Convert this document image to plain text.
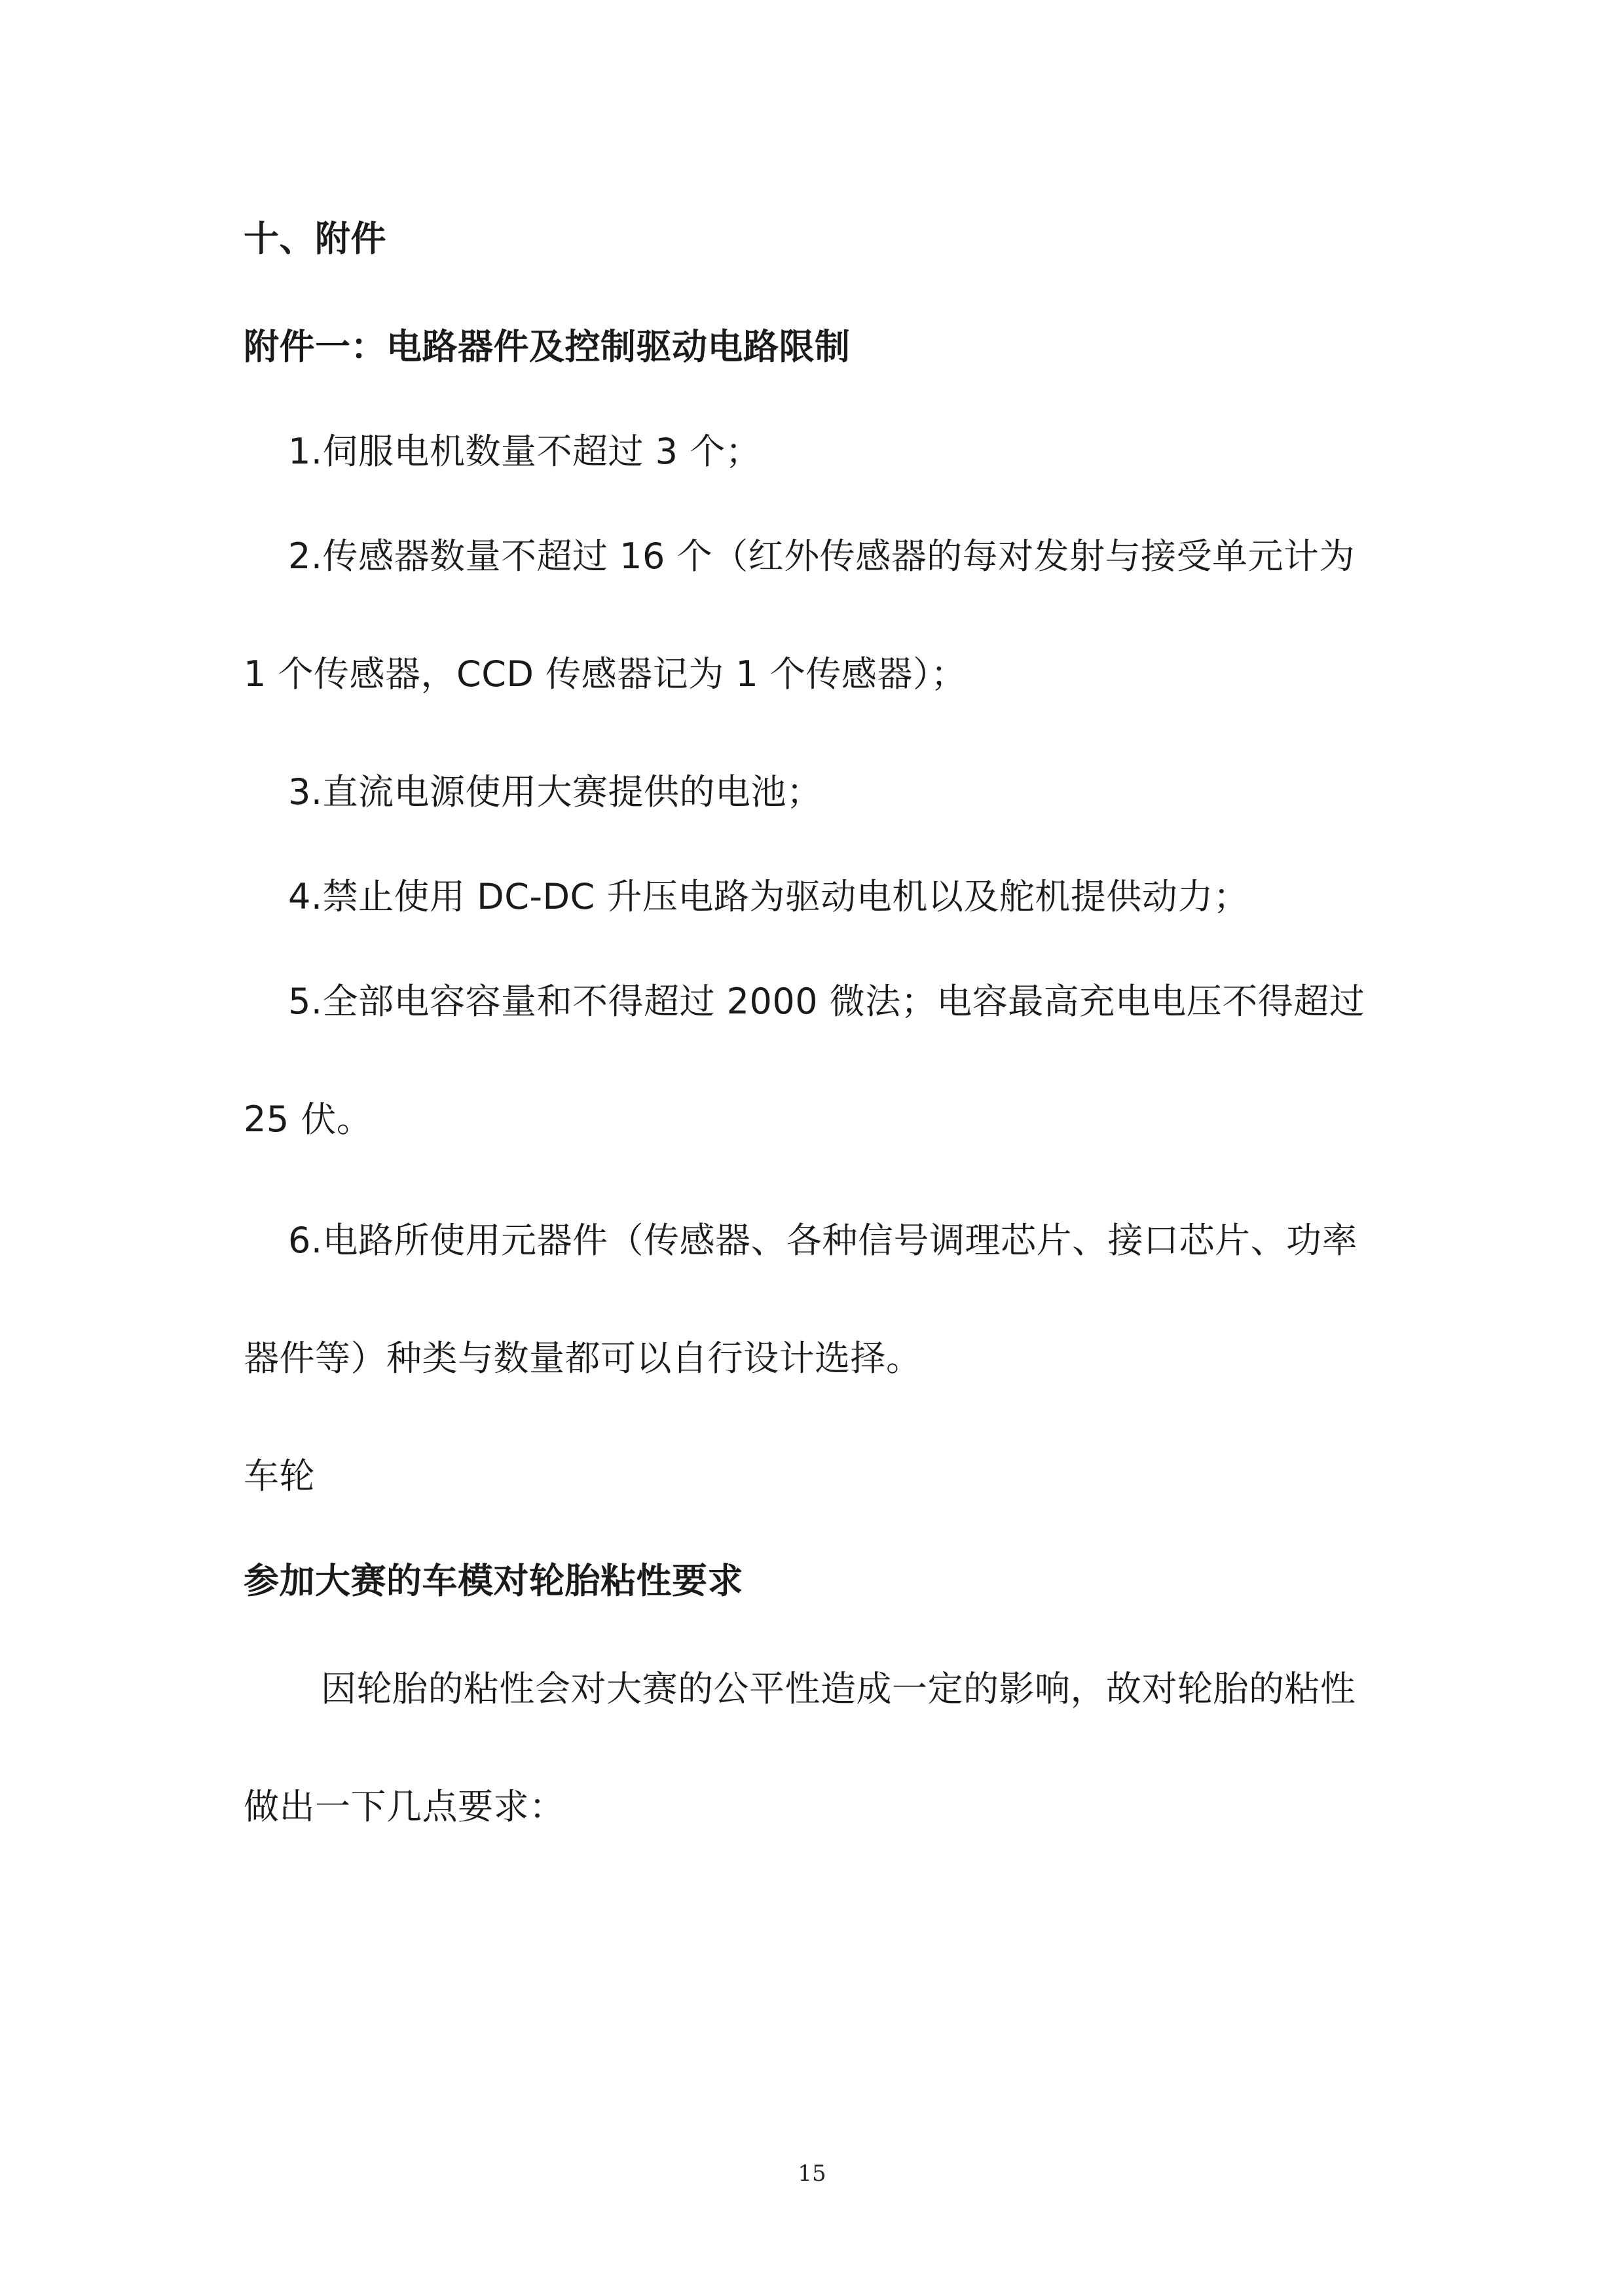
十、附件
附件一：电路器件及控制驱动电路限制
1.伺服电机数量不超过 3 个；
2.传感器数量不超过 16 个（红外传感器的每对发射与接受单元计为
1 个传感器，CCD 传感器记为 1 个传感器）；
3.直流电源使用大赛提供的电池；
4.禁止使用 DC-DC 升压电路为驱动电机以及舵机提供动力；
5.全部电容容量和不得超过 2000 微法；电容最高充电电压不得超过
25 伏。
6.电路所使用元器件（传感器、各种信号调理芯片、接口芯片、功率
器件等）种类与数量都可以自行设计选择。
车轮
参加大赛的车模对轮胎粘性要求
因轮胎的粘性会对大赛的公平性造成一定的影响，故对轮胎的粘性
做出一下几点要求：
15
